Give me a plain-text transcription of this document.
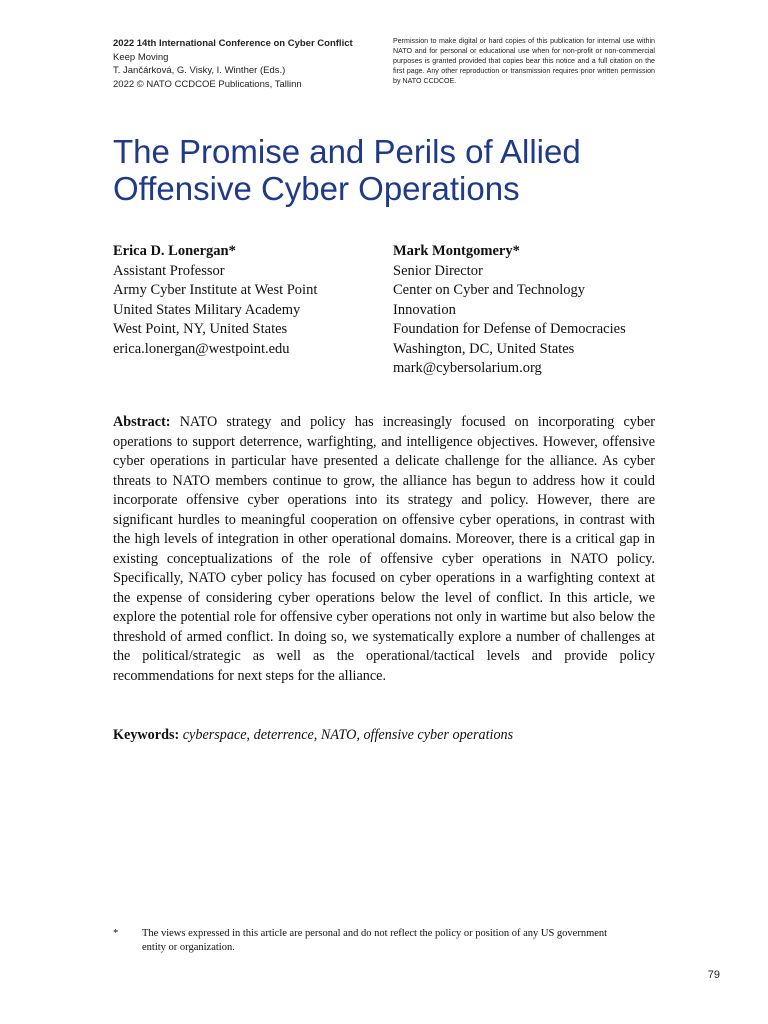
2022 14th International Conference on Cyber Conflict
Keep Moving
T. Jančárková, G. Visky, I. Winther (Eds.)
2022 © NATO CCDCOE Publications, Tallinn
Permission to make digital or hard copies of this publication for internal use within NATO and for personal or educational use when for non-profit or non-commercial purposes is granted provided that copies bear this notice and a full citation on the first page. Any other reproduction or transmission requires prior written permission by NATO CCDCOE.
The Promise and Perils of Allied Offensive Cyber Operations
Erica D. Lonergan*
Assistant Professor
Army Cyber Institute at West Point
United States Military Academy
West Point, NY, United States
erica.lonergan@westpoint.edu
Mark Montgomery*
Senior Director
Center on Cyber and Technology
Innovation
Foundation for Defense of Democracies
Washington, DC, United States
mark@cybersolarium.org

Abstract: NATO strategy and policy has increasingly focused on incorporating cyber operations to support deterrence, warfighting, and intelligence objectives. However, offensive cyber operations in particular have presented a delicate challenge for the alliance. As cyber threats to NATO members continue to grow, the alliance has begun to address how it could incorporate offensive cyber operations into its strategy and policy. However, there are significant hurdles to meaningful cooperation on offensive cyber operations, in contrast with the high levels of integration in other operational domains. Moreover, there is a critical gap in existing conceptualizations of the role of offensive cyber operations in NATO policy. Specifically, NATO cyber policy has focused on cyber operations in a warfighting context at the expense of considering cyber operations below the level of conflict. In this article, we explore the potential role for offensive cyber operations not only in wartime but also below the threshold of armed conflict. In doing so, we systematically explore a number of challenges at the political/strategic as well as the operational/tactical levels and provide policy recommendations for next steps for the alliance.

Keywords: cyberspace, deterrence, NATO, offensive cyber operations

* The views expressed in this article are personal and do not reflect the policy or position of any US government entity or organization.
79
